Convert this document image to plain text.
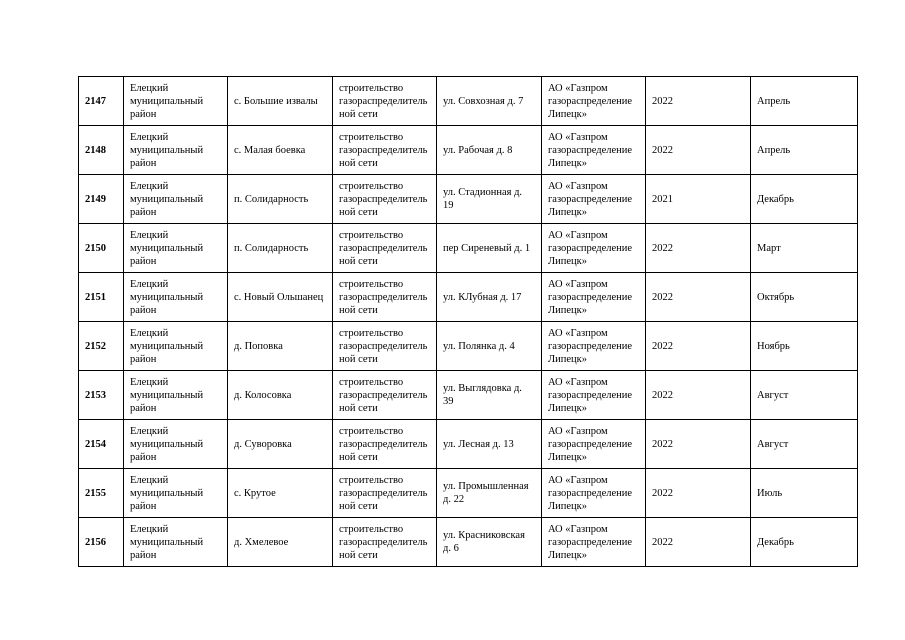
2147	Елецкий
муниципальный
район	с. Большие извалы	строительство
газораспределитель
ной сети	ул. Совхозная д. 7	АО «Газпром
газораспределение
Липецк»	2022	Апрель
2148	Елецкий
муниципальный
район	с. Малая боевка	строительство
газораспределитель
ной сети	ул. Рабочая д. 8	АО «Газпром
газораспределение
Липецк»	2022	Апрель
2149	Елецкий
муниципальный
район	п. Солидарность	строительство
газораспределитель
ной сети	ул. Стадионная д.
19	АО «Газпром
газораспределение
Липецк»	2021	Декабрь
2150	Елецкий
муниципальный
район	п. Солидарность	строительство
газораспределитель
ной сети	пер Сиреневый д. 1	АО «Газпром
газораспределение
Липецк»	2022	Март
2151	Елецкий
муниципальный
район	с. Новый Ольшанец	строительство
газораспределитель
ной сети	ул. КЛубная д. 17	АО «Газпром
газораспределение
Липецк»	2022	Октябрь
2152	Елецкий
муниципальный
район	д. Поповка	строительство
газораспределитель
ной сети	ул. Полянка д. 4	АО «Газпром
газораспределение
Липецк»	2022	Ноябрь
2153	Елецкий
муниципальный
район	д. Колосовка	строительство
газораспределитель
ной сети	ул. Выглядовка д.
39	АО «Газпром
газораспределение
Липецк»	2022	Август
2154	Елецкий
муниципальный
район	д. Суворовка	строительство
газораспределитель
ной сети	ул. Лесная д. 13	АО «Газпром
газораспределение
Липецк»	2022	Август
2155	Елецкий
муниципальный
район	с. Крутое	строительство
газораспределитель
ной сети	ул. Промышленная
д. 22	АО «Газпром
газораспределение
Липецк»	2022	Июль
2156	Елецкий
муниципальный
район	д. Хмелевое	строительство
газораспределитель
ной сети	ул. Красниковская
д. 6	АО «Газпром
газораспределение
Липецк»	2022	Декабрь
